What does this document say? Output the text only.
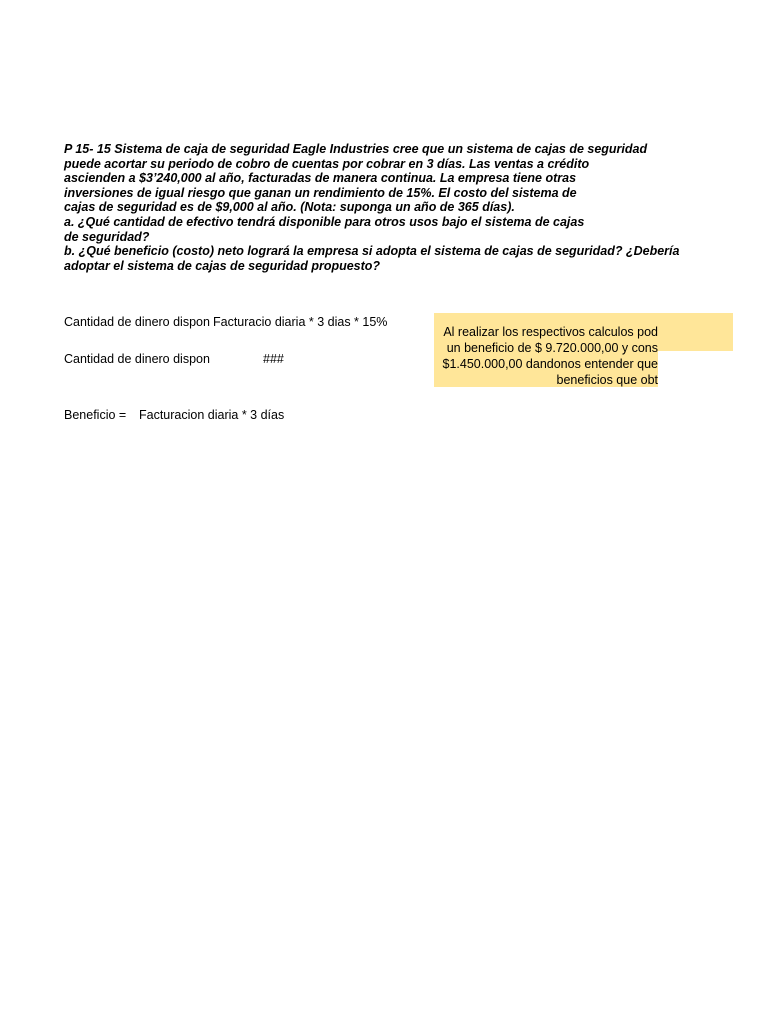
P 15- 15 Sistema de caja de seguridad Eagle Industries cree que un sistema de cajas de seguridad
puede acortar su periodo de cobro de cuentas por cobrar en 3 días. Las ventas a crédito
ascienden a $3’240,000 al año, facturadas de manera continua. La empresa tiene otras
inversiones de igual riesgo que ganan un rendimiento de 15%. El costo del sistema de
cajas de seguridad es de $9,000 al año. (Nota: suponga un año de 365 días).
a. ¿Qué cantidad de efectivo tendrá disponible para otros usos bajo el sistema de cajas
de seguridad?
b. ¿Qué beneficio (costo) neto logrará la empresa si adopta el sistema de cajas de seguridad? ¿Debería
adoptar el sistema de cajas de seguridad propuesto?
Cantidad de dinero dispon Facturacio diaria * 3 dias * 15%
Cantidad de dinero dispon	###
Beneficio = Facturacion diaria * 3 días
Al realizar los respectivos calculos pod
un beneficio de $ 9.720.000,00 y cons
$1.450.000,00 dandonos entender que
beneficios que obt
